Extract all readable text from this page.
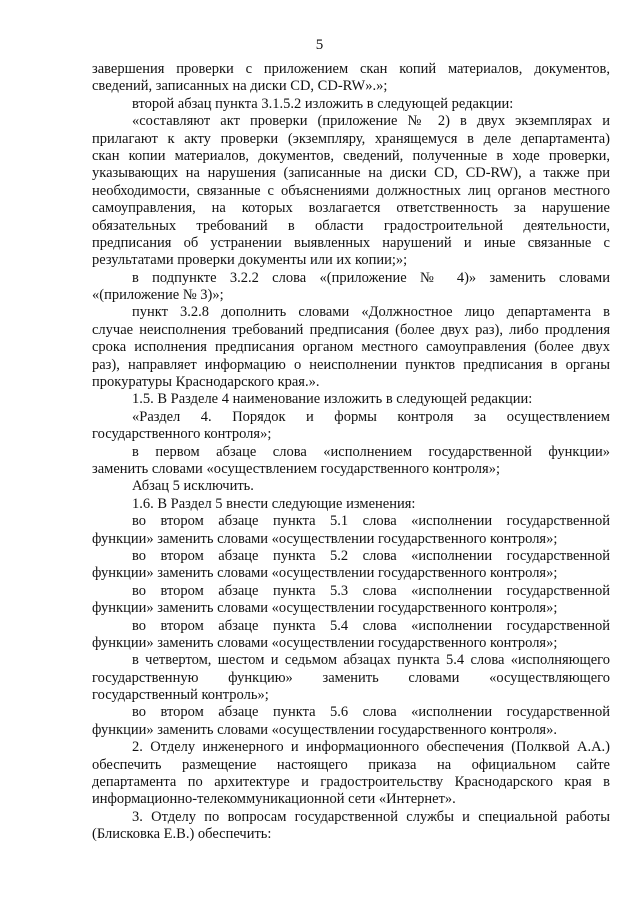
5
завершения проверки с приложением скан копий материалов, документов,
сведений, записанных на диски CD, CD-RW».»;
второй абзац пункта 3.1.5.2 изложить в следующей редакции:
«составляют акт проверки (приложение № 2) в двух экземплярах и
прилагают к акту проверки (экземпляру, хранящемуся в деле департамента)
скан копии материалов, документов, сведений, полученные в ходе проверки,
указывающих на нарушения (записанные на диски CD, CD-RW), а также при
необходимости, связанные с объяснениями должностных лиц органов местного
самоуправления, на которых возлагается ответственность за нарушение
обязательных требований в области градостроительной деятельности,
предписания об устранении выявленных нарушений и иные связанные с
результатами проверки документы или их копии;»;
в подпункте 3.2.2 слова «(приложение № 4)» заменить словами
«(приложение № 3)»;
пункт 3.2.8 дополнить словами «Должностное лицо департамента в
случае неисполнения требований предписания (более двух раз), либо продления
срока исполнения предписания органом местного самоуправления (более двух
раз), направляет информацию о неисполнении пунктов предписания в органы
прокуратуры Краснодарского края.».
1.5. В Разделе 4 наименование изложить в следующей редакции:
«Раздел 4. Порядок и формы контроля за осуществлением
государственного контроля»;
в первом абзаце слова «исполнением государственной функции»
заменить словами «осуществлением государственного контроля»;
Абзац 5 исключить.
1.6. В Раздел 5 внести следующие изменения:
во втором абзаце пункта 5.1 слова «исполнении государственной
функции» заменить словами «осуществлении государственного контроля»;
во втором абзаце пункта 5.2 слова «исполнении государственной
функции» заменить словами «осуществлении государственного контроля»;
во втором абзаце пункта 5.3 слова «исполнении государственной
функции» заменить словами «осуществлении государственного контроля»;
во втором абзаце пункта 5.4 слова «исполнении государственной
функции» заменить словами «осуществлении государственного контроля»;
в четвертом, шестом и седьмом абзацах пункта 5.4 слова «исполняющего
государственную функцию» заменить словами «осуществляющего
государственный контроль»;
во втором абзаце пункта 5.6 слова «исполнении государственной
функции» заменить словами «осуществлении государственного контроля».
2. Отделу инженерного и информационного обеспечения (Полквой А.А.)
обеспечить размещение настоящего приказа на официальном сайте
департамента по архитектуре и градостроительству Краснодарского края в
информационно-телекоммуникационной сети «Интернет».
3. Отделу по вопросам государственной службы и специальной работы
(Блисковка Е.В.) обеспечить:
